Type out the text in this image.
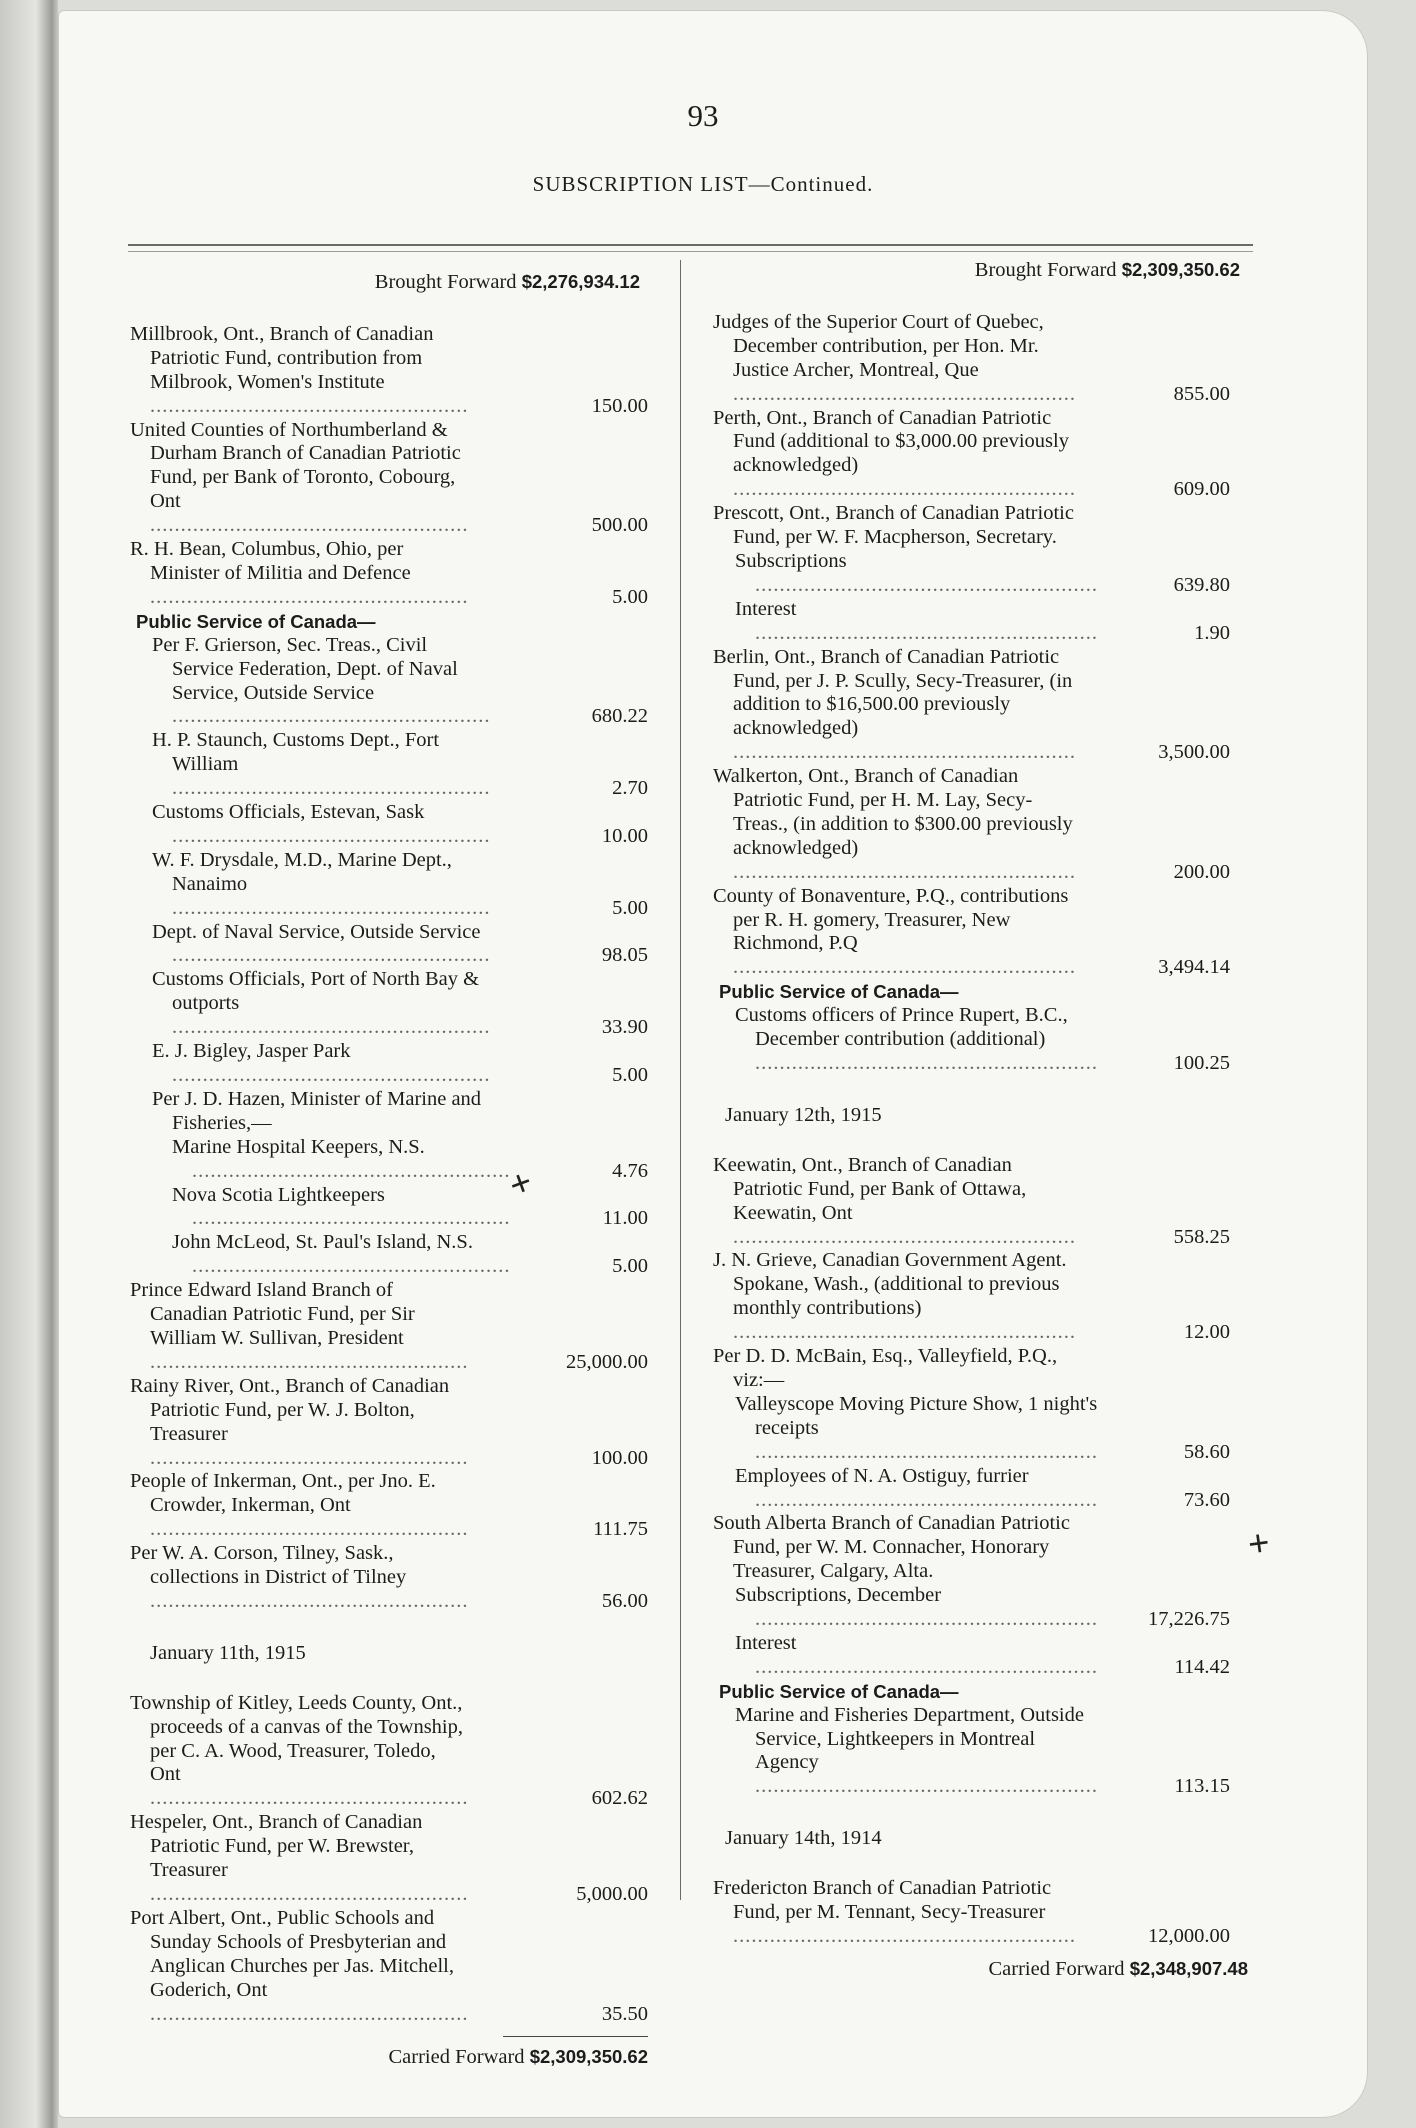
93
SUBSCRIPTION LIST—Continued.
Brought Forward $2,276,934.12
Millbrook, Ont., Branch of Canadian Patriotic Fund, contribution from Milbrook, Women's Institute .....
150.00
United Counties of Northumberland & Durham Branch of Canadian Patriotic Fund, per Bank of Toronto, Cobourg, Ont .....
500.00
R. H. Bean, Columbus, Ohio, per Minister of Militia and Defence .....
5.00
Public Service of Canada—
Per F. Grierson, Sec. Treas., Civil Service Federation, Dept. of Naval Service, Outside Service .....
680.22
H. P. Staunch, Customs Dept., Fort William .....
2.70
Customs Officials, Estevan, Sask .....
10.00
W. F. Drysdale, M.D., Marine Dept., Nanaimo .....
5.00
Dept. of Naval Service, Outside Service .....
98.05
Customs Officials, Port of North Bay & outports .....
33.90
E. J. Bigley, Jasper Park .....
5.00
Per J. D. Hazen, Minister of Marine and Fisheries,—
Marine Hospital Keepers, N.S. .....
4.76
Nova Scotia Lightkeepers .....
11.00
John McLeod, St. Paul's Island, N.S. .....
5.00
Prince Edward Island Branch of Canadian Patriotic Fund, per Sir William W. Sullivan, President .....
25,000.00
Rainy River, Ont., Branch of Canadian Patriotic Fund, per W. J. Bolton, Treasurer .....
100.00
People of Inkerman, Ont., per Jno. E. Crowder, Inkerman, Ont .....
111.75
Per W. A. Corson, Tilney, Sask., collections in District of Tilney .....
56.00
January 11th, 1915
Township of Kitley, Leeds County, Ont., proceeds of a canvas of the Township, per C. A. Wood, Treasurer, Toledo, Ont .....
602.62
Hespeler, Ont., Branch of Canadian Patriotic Fund, per W. Brewster, Treasurer .....
5,000.00
Port Albert, Ont., Public Schools and Sunday Schools of Presbyterian and Anglican Churches per Jas. Mitchell, Goderich, Ont .....
35.50
Carried Forward $2,309,350.62
Brought Forward $2,309,350.62
Judges of the Superior Court of Quebec, December contribution, per Hon. Mr. Justice Archer, Montreal, Que .....
855.00
Perth, Ont., Branch of Canadian Patriotic Fund (additional to $3,000.00 previously acknowledged) .....
609.00
Prescott, Ont., Branch of Canadian Patriotic Fund, per W. F. Macpherson, Secretary.
Subscriptions .....
639.80
Interest .....
1.90
Berlin, Ont., Branch of Canadian Patriotic Fund, per J. P. Scully, Secy-Treasurer, (in addition to $16,500.00 previously acknowledged) .....
3,500.00
Walkerton, Ont., Branch of Canadian Patriotic Fund, per H. M. Lay, Secy-Treas., (in addition to $300.00 previously acknowledged) .....
200.00
County of Bonaventure, P.Q., contributions per R. H. gomery, Treasurer, New Richmond, P.Q .....
3,494.14
Public Service of Canada—
Customs officers of Prince Rupert, B.C., December contribution (additional) .....
100.25
January 12th, 1915
Keewatin, Ont., Branch of Canadian Patriotic Fund, per Bank of Ottawa, Keewatin, Ont .....
558.25
J. N. Grieve, Canadian Government Agent. Spokane, Wash., (additional to previous monthly contributions) .....
12.00
Per D. D. McBain, Esq., Valleyfield, P.Q., viz:—
Valleyscope Moving Picture Show, 1 night's receipts .....
58.60
Employees of N. A. Ostiguy, furrier .....
73.60
South Alberta Branch of Canadian Patriotic Fund, per W. M. Connacher, Honorary Treasurer, Calgary, Alta.
Subscriptions, December .....
17,226.75
Interest .....
114.42
Public Service of Canada—
Marine and Fisheries Department, Outside Service, Lightkeepers in Montreal Agency .....
113.15
January 14th, 1914
Fredericton Branch of Canadian Patriotic Fund, per M. Tennant, Secy-Treasurer .....
12,000.00
Carried Forward $2,348,907.48
+
+
